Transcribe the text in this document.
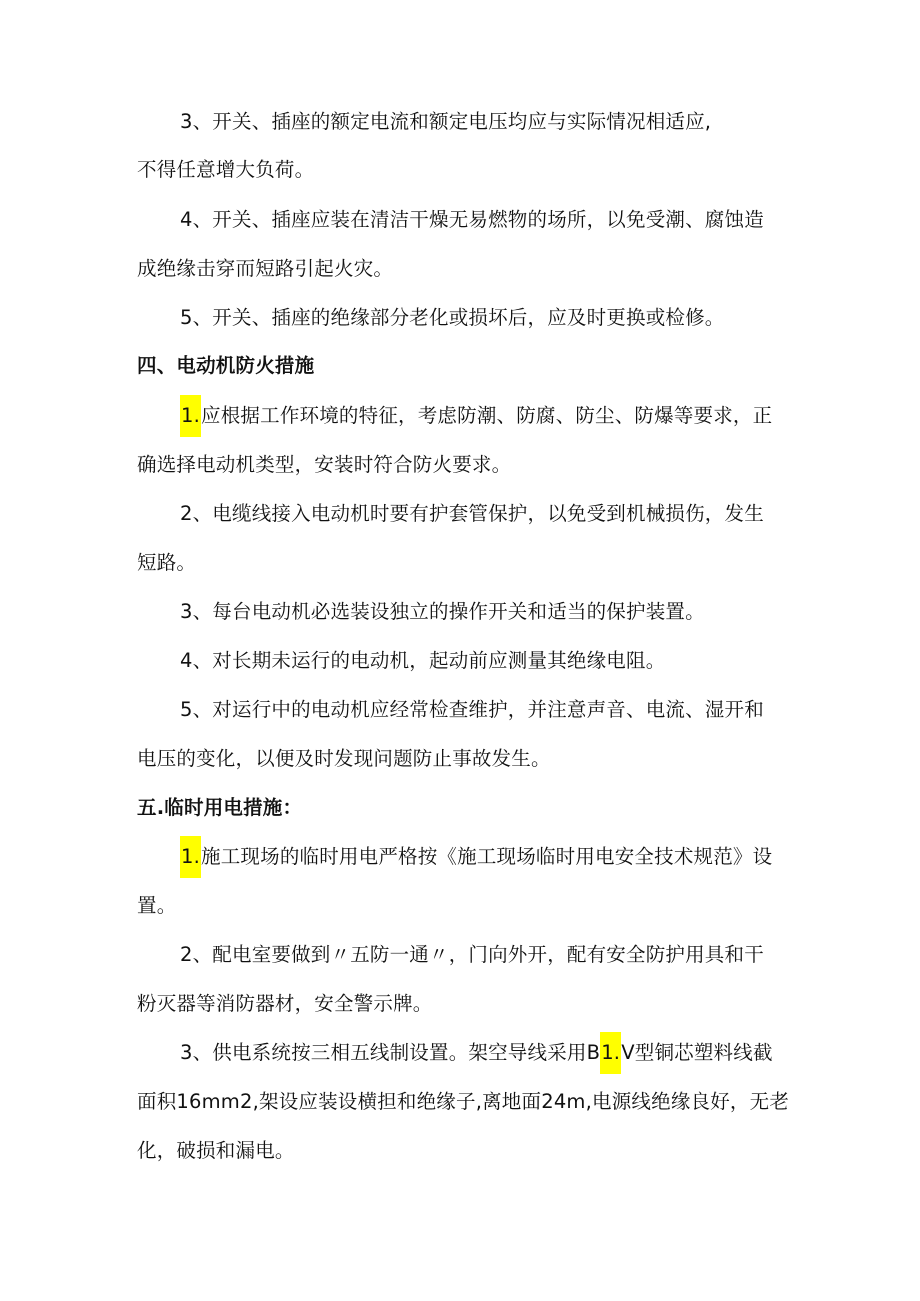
3、开关、插座的额定电流和额定电压均应与实际情况相适应,

不得任意增大负荷。

4、开关、插座应装在清洁干燥无易燃物的场所，以免受潮、腐蚀造

成绝缘击穿而短路引起火灾。

5、开关、插座的绝缘部分老化或损坏后，应及时更换或检修。

四、电动机防火措施

1.应根据工作环境的特征，考虑防潮、防腐、防尘、防爆等要求，正

确选择电动机类型，安装时符合防火要求。

2、电缆线接入电动机时要有护套管保护，以免受到机械损伤，发生

短路。

3、每台电动机必选装设独立的操作开关和适当的保护装置。

4、对长期未运行的电动机，起动前应测量其绝缘电阻。

5、对运行中的电动机应经常检查维护，并注意声音、电流、湿开和

电压的变化，以便及时发现问题防止事故发生。

五.临时用电措施：

1.施工现场的临时用电严格按《施工现场临时用电安全技术规范》设

置。

2、配电室要做到〃五防一通〃，门向外开，配有安全防护用具和干

粉灭器等消防器材，安全警示牌。

3、供电系统按三相五线制设置。架空导线采用B1.V型铜芯塑料线截

面积16mm2,架设应装设横担和绝缘子,离地面24m,电源线绝缘良好，无老

化，破损和漏电。
